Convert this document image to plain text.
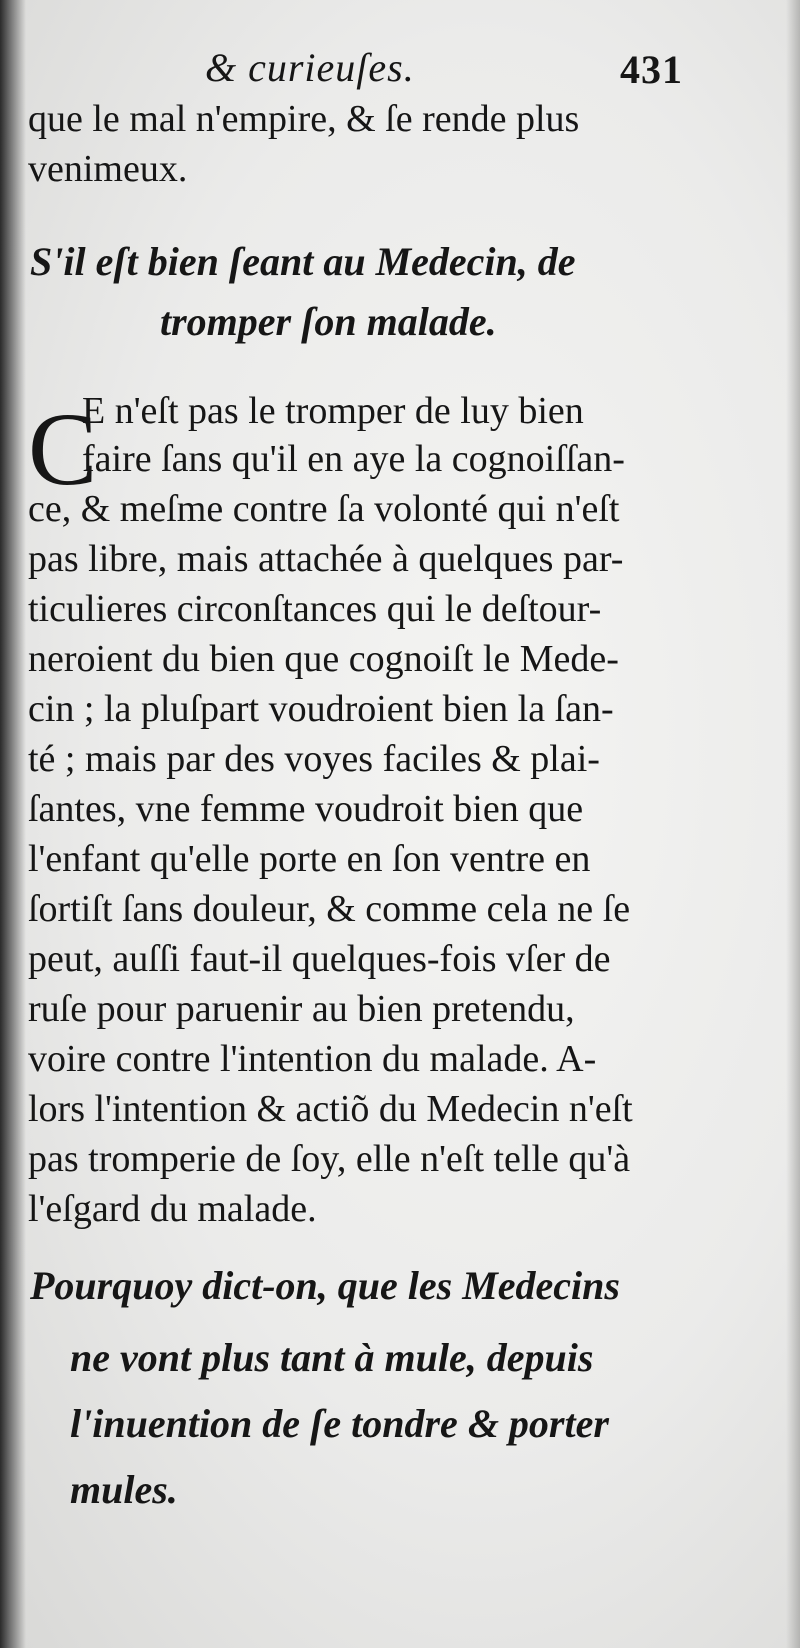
& curieuſes.	431
que le mal n'empire, & ſe rende plus
venimeux.
S'il eſt bien ſeant au Medecin, de
tromper ſon malade.
C
E n'eſt pas le tromper de luy bien
faire ſans qu'il en aye la cognoiſſan-
ce, & meſme contre ſa volonté qui n'eſt
pas libre, mais attachée à quelques par-
ticulieres circonſtances qui le deſtour-
neroient du bien que cognoiſt le Mede-
cin ; la pluſpart voudroient bien la ſan-
té ; mais par des voyes faciles & plai-
ſantes, vne femme voudroit bien que
l'enfant qu'elle porte en ſon ventre en
ſortiſt ſans douleur, & comme cela ne ſe
peut, auſſi faut-il quelques-fois vſer de
ruſe pour paruenir au bien pretendu,
voire contre l'intention du malade. A-
lors l'intention & actiõ du Medecin n'eſt
pas tromperie de ſoy, elle n'eſt telle qu'à
l'eſgard du malade.
Pourquoy dict-on, que les Medecins
ne vont plus tant à mule, depuis
l'inuention de ſe tondre & porter
mules.
